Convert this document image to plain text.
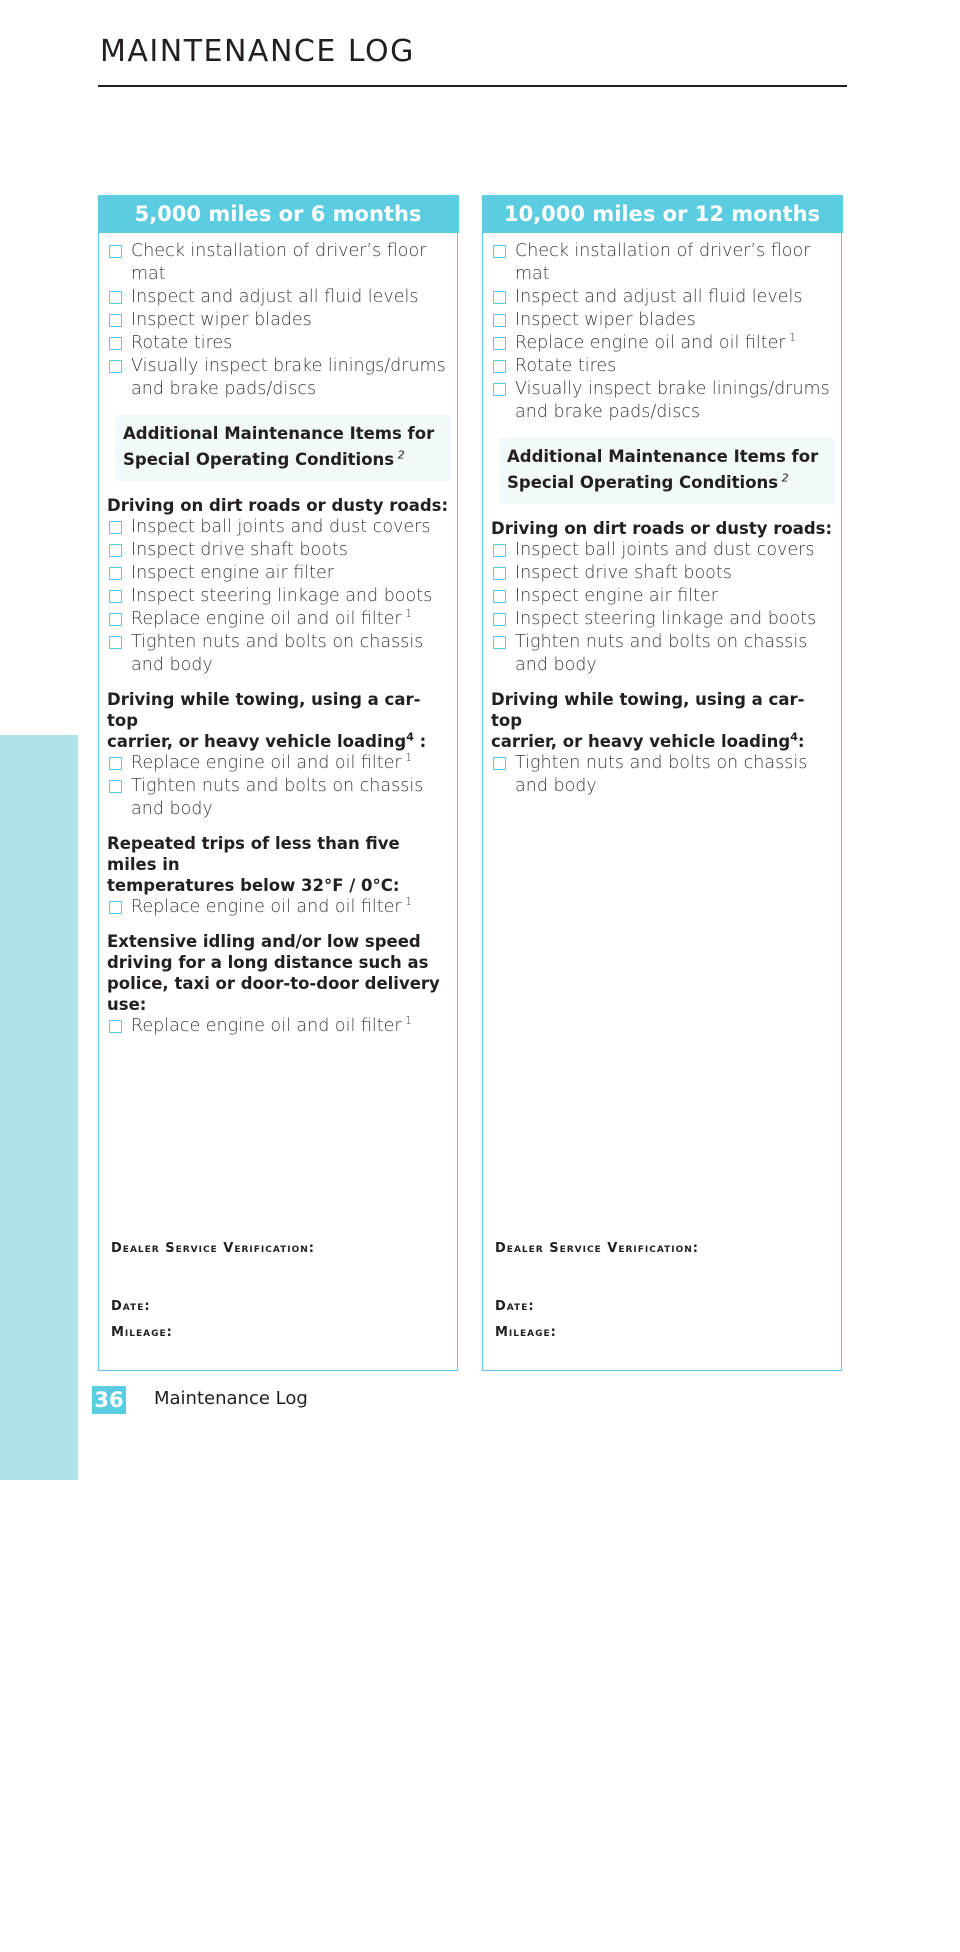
MAINTENANCE LOG
MAINTENANCE
5,000 miles or 6 months
Check installation of driver’s floor
mat
Inspect and adjust all fluid levels
Inspect wiper blades
Rotate tires
Visually inspect brake linings/drums
and brake pads/discs
Additional Maintenance Items for
Special Operating Conditions $^2$
Driving on dirt roads or dusty roads:
Inspect ball joints and dust covers
Inspect drive shaft boots
Inspect engine air filter
Inspect steering linkage and boots
Replace engine oil and oil filter $^1$
Tighten nuts and bolts on chassis
and body
Driving while towing, using a car-top
carrier, or heavy vehicle loading$^4$ :
Replace engine oil and oil filter $^1$
Tighten nuts and bolts on chassis
and body
Repeated trips of less than five miles in
temperatures below 32°F / 0°C:
Replace engine oil and oil filter $^1$
Extensive idling and/or low speed
driving for a long distance such as
police, taxi or door-to-door delivery
use:
Replace engine oil and oil filter $^1$
Dealer Service Verification:
Date:
Mileage:
10,000 miles or 12 months
Check installation of driver’s floor
mat
Inspect and adjust all fluid levels
Inspect wiper blades
Replace engine oil and oil filter $^1$
Rotate tires
Visually inspect brake linings/drums
and brake pads/discs
Additional Maintenance Items for
Special Operating Conditions $^2$
Driving on dirt roads or dusty roads:
Inspect ball joints and dust covers
Inspect drive shaft boots
Inspect engine air filter
Inspect steering linkage and boots
Tighten nuts and bolts on chassis
and body
Driving while towing, using a car-top
carrier, or heavy vehicle loading$^4$:
Tighten nuts and bolts on chassis
and body
Dealer Service Verification:
Date:
Mileage:
36 Maintenance Log
